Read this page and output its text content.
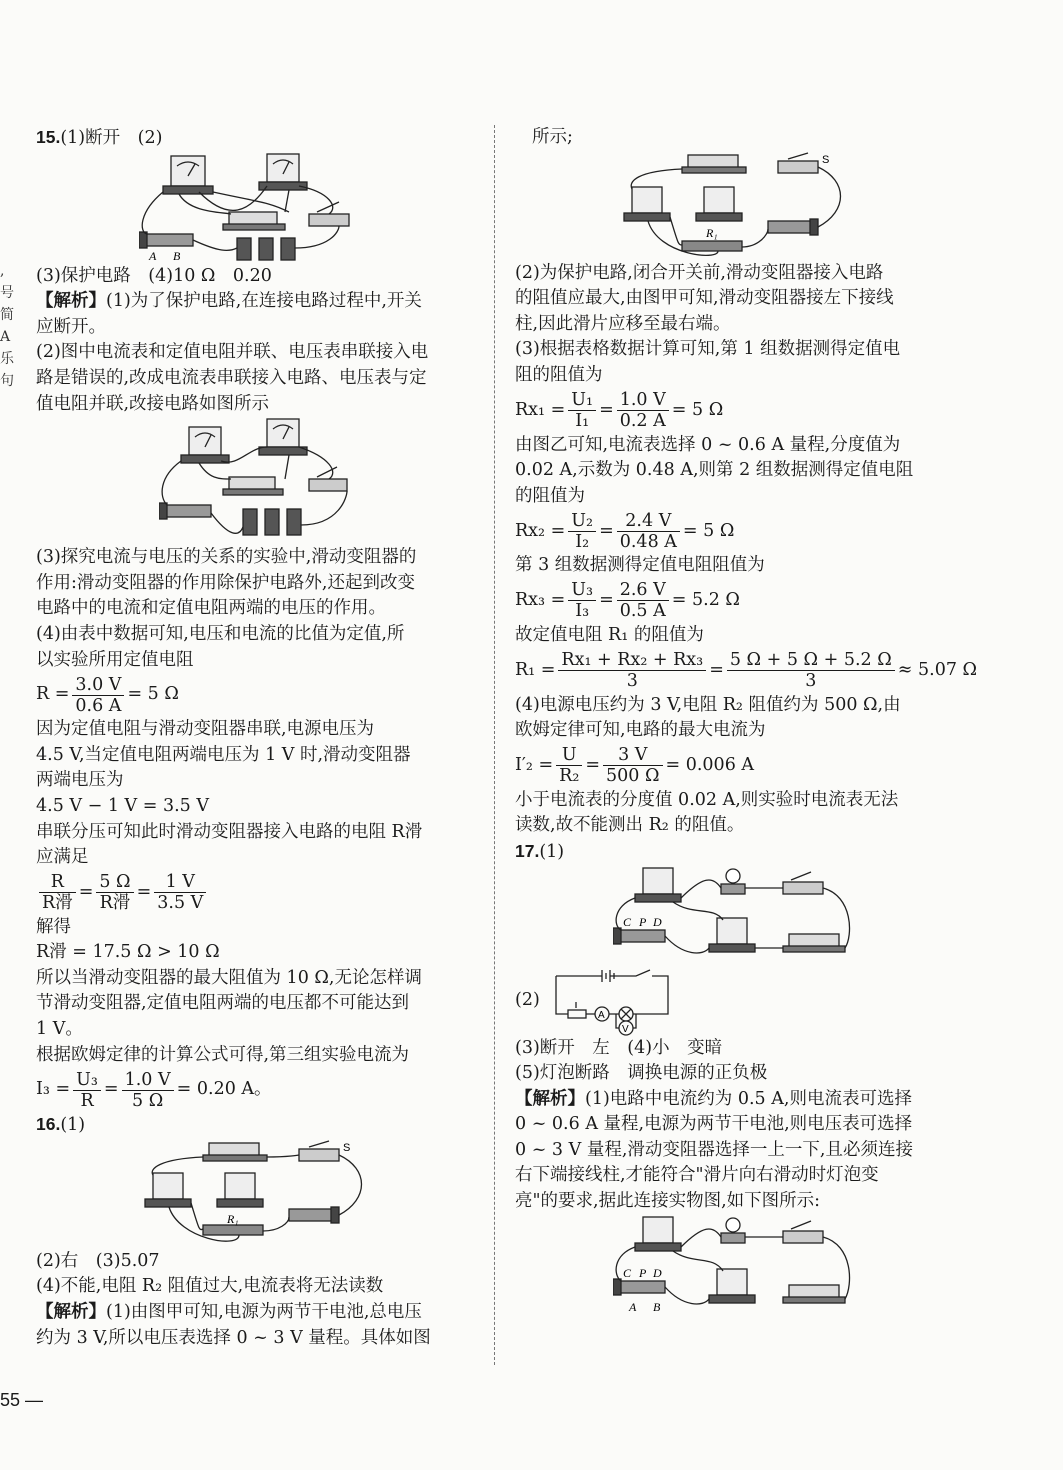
,
号
简
A
乐
句
15.(1)断开　(2)
A B
(3)保护电路　(4)10 Ω　0.20
【解析】(1)为了保护电路,在连接电路过程中,开关
应断开。
(2)图中电流表和定值电阻并联、电压表串联接入电
路是错误的,改成电流表串联接入电路、电压表与定
值电阻并联,改接电路如图所示
(3)探究电流与电压的关系的实验中,滑动变阻器的
作用:滑动变阻器的作用除保护电路外,还起到改变
电路中的电流和定值电阻两端的电压的作用。
(4)由表中数据可知,电压和电流的比值为定值,所
以实验所用定值电阻
$R = \frac{3.0 V}{0.6 A} = 5$ Ω
因为定值电阻与滑动变阻器串联,电源电压为
4.5 V,当定值电阻两端电压为 1 V 时,滑动变阻器
两端电压为
4.5 V − 1 V = 3.5 V
串联分压可知此时滑动变阻器接入电路的电阻 R滑
应满足
$\frac{R}{\text{R滑}} = \frac{5 \Omega}{\text{R滑}} = \frac{1 V}{3.5 V}$
解得
R滑 = 17.5 Ω > 10 Ω
所以当滑动变阻器的最大阻值为 10 Ω,无论怎样调
节滑动变阻器,定值电阻两端的电压都不可能达到
1 V。
根据欧姆定律的计算公式可得,第三组实验电流为
$I_3 = \frac{\text{U₃}}{R} = \frac{1.0 V}{5 \Omega} = 0.20$ A。
16.(1)
R₁
S
(2)右　(3)5.07
(4)不能,电阻 R₂ 阻值过大,电流表将无法读数
【解析】(1)由图甲可知,电源为两节干电池,总电压
约为 3 V,所以电压表选择 0 ~ 3 V 量程。具体如图
所示;
R₁
S
(2)为保护电路,闭合开关前,滑动变阻器接入电路
的阻值应最大,由图甲可知,滑动变阻器接左下接线
柱,因此滑片应移至最右端。
(3)根据表格数据计算可知,第 1 组数据测得定值电
阻的阻值为
$Rx_1 = \frac{\text{U₁}}{\text{I₁}} = \frac{1.0 V}{0.2 A} = 5$ Ω
由图乙可知,电流表选择 0 ~ 0.6 A 量程,分度值为
0.02 A,示数为 0.48 A,则第 2 组数据测得定值电阻
的阻值为
$Rx_2 = \frac{\text{U₂}}{\text{I₂}} = \frac{2.4 V}{0.48 A} = 5$ Ω
第 3 组数据测得定值电阻阻值为
$Rx_3 = \frac{\text{U₃}}{\text{I₃}} = \frac{2.6 V}{0.5 A} = 5.2$ Ω
故定值电阻 R₁ 的阻值为
$R_1 = \frac{\text{Rx₁ + Rx₂ + Rx₃}}{3} = \frac{5 \Omega + 5 \Omega + 5.2 \Omega}{3} \approx 5.07$ Ω
(4)电源电压约为 3 V,电阻 R₂ 阻值约为 500 Ω,由
欧姆定律可知,电路的最大电流为
$I'_2 = \frac{U}{\text{R₂}} = \frac{3 V}{500 \Omega} = 0.006$ A
小于电流表的分度值 0.02 A,则实验时电流表无法
读数,故不能测出 R₂ 的阻值。
17.(1)
C P D
(2)
A
V
(3)断开　左　(4)小　变暗
(5)灯泡断路　调换电源的正负极
【解析】(1)电路中电流约为 0.5 A,则电流表可选择
0 ~ 0.6 A 量程,电源为两节干电池,则电压表可选择
0 ~ 3 V 量程,滑动变阻器选择一上一下,且必须连接
右下端接线柱,才能符合"滑片向右滑动时灯泡变
亮"的要求,据此连接实物图,如下图所示:
C P D
A B
55 —
